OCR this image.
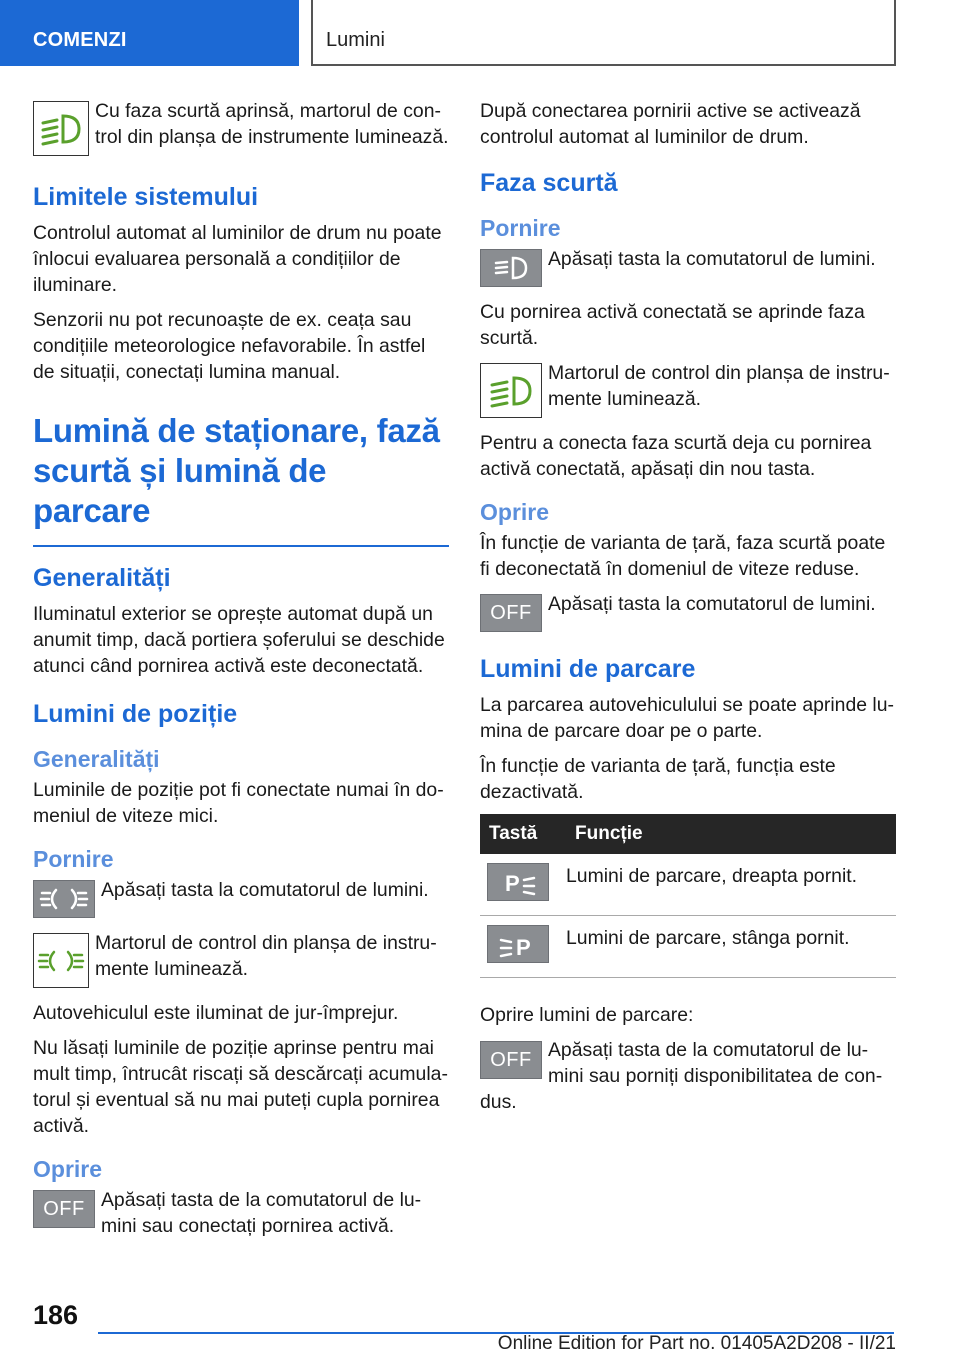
COMENZI	Lumini

Cu faza scurtă aprinsă, martorul de control din planșa de instrumente luminează.

Limitele sistemului

Controlul automat al luminilor de drum nu poate înlocui evaluarea personală a condițiilor de iluminare.

Senzorii nu pot recunoaște de ex. ceața sau condițiile meteorologice nefavorabile. În astfel de situații, conectați lumina manual.

Lumină de staționare, fază scurtă și lumină de parcare
Generalități

Iluminatul exterior se oprește automat după un anumit timp, dacă portiera șoferului se deschide atunci când pornirea activă este deconectată.

Lumini de poziție
Generalități

Luminile de poziție pot fi conectate numai în domeniul de viteze mici.

Pornire

Apăsați tasta la comutatorul de lumini.

Martorul de control din planșa de instrumente luminează.

Autovehiculul este iluminat de jur-împrejur.

Nu lăsați luminile de poziție aprinse pentru mai mult timp, întrucât riscați să descărcați acumulatorul și eventual să nu mai puteți cupla pornirea activă.

Oprire
OFF Apăsați tasta de la comutatorul de lumini sau conectați pornirea activă.

După conectarea pornirii active se activează controlul automat al luminilor de drum.

Faza scurtă
Pornire

Apăsați tasta la comutatorul de lumini.

Cu pornirea activă conectată se aprinde faza scurtă.

Martorul de control din planșa de instrumente luminează.

Pentru a conecta faza scurtă deja cu pornirea activă conectată, apăsați din nou tasta.

Oprire

În funcție de varianta de țară, faza scurtă poate fi deconectată în domeniul de viteze reduse.

OFF Apăsați tasta la comutatorul de lumini.

Lumini de parcare

La parcarea autovehiculului se poate aprinde lumina de parcare doar pe o parte.

În funcție de varianta de țară, funcția este dezactivată.

Tastă	Funcție

P	Lumini de parcare, dreapta pornit.

P	Lumini de parcare, stânga pornit.

Oprire lumini de parcare:

OFF Apăsați tasta de la comutatorul de lumini sau porniți disponibilitatea de condus.

186
Online Edition for Part no. 01405A2D208 - II/21
